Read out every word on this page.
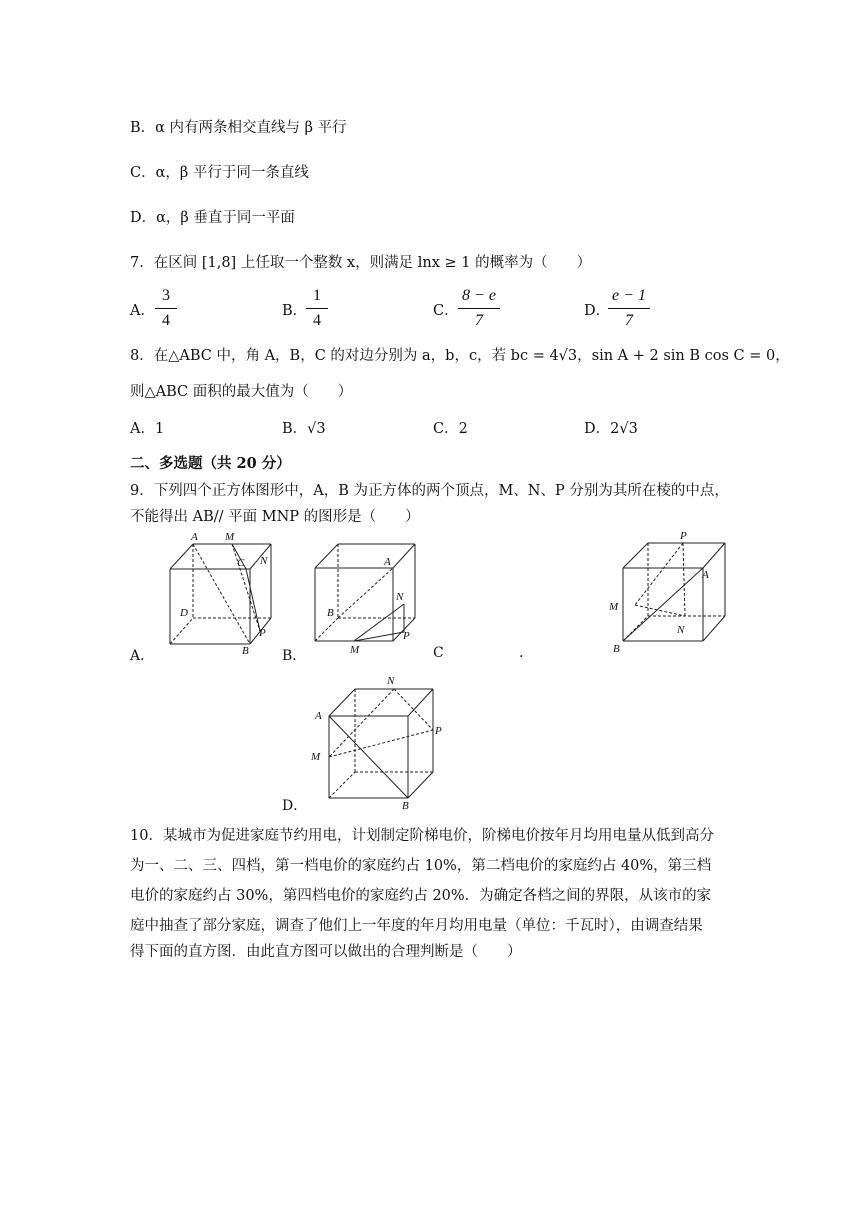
B．α 内有两条相交直线与 β 平行
C．α，β 平行于同一条直线
D．α，β 垂直于同一平面
7．在区间 [1,8] 上任取一个整数 x，则满足 lnx ≥ 1 的概率为（　　）
A．
3
4
B．
1
4
C．
8 − e
7
D．
e − 1
7
8．在△ABC 中，角 A，B，C 的对边分别为 a，b，c，若 bc = 4√3，sin A + 2 sin B cos C = 0，
则△ABC 面积的最大值为（　　）
A．1	B．√3	C．2	D．2√3
二、多选题（共 20 分）
9．下列四个正方体图形中，A，B 为正方体的两个顶点，M、N、P 分别为其所在棱的中点，
不能得出 AB// 平面 MNP 的图形是（　　）
A M
C N
D
P
B
A．
A
N
B
M
P
B．	C	.
P
A
M
N
B
N
A
P
M
B
D．
10．某城市为促进家庭节约用电，计划制定阶梯电价，阶梯电价按年月均用电量从低到高分
为一、二、三、四档，第一档电价的家庭约占 10%，第二档电价的家庭约占 40%，第三档
电价的家庭约占 30%，第四档电价的家庭约占 20%．为确定各档之间的界限，从该市的家
庭中抽查了部分家庭，调查了他们上一年度的年月均用电量（单位：千瓦时），由调查结果
得下面的直方图．由此直方图可以做出的合理判断是（　　）
